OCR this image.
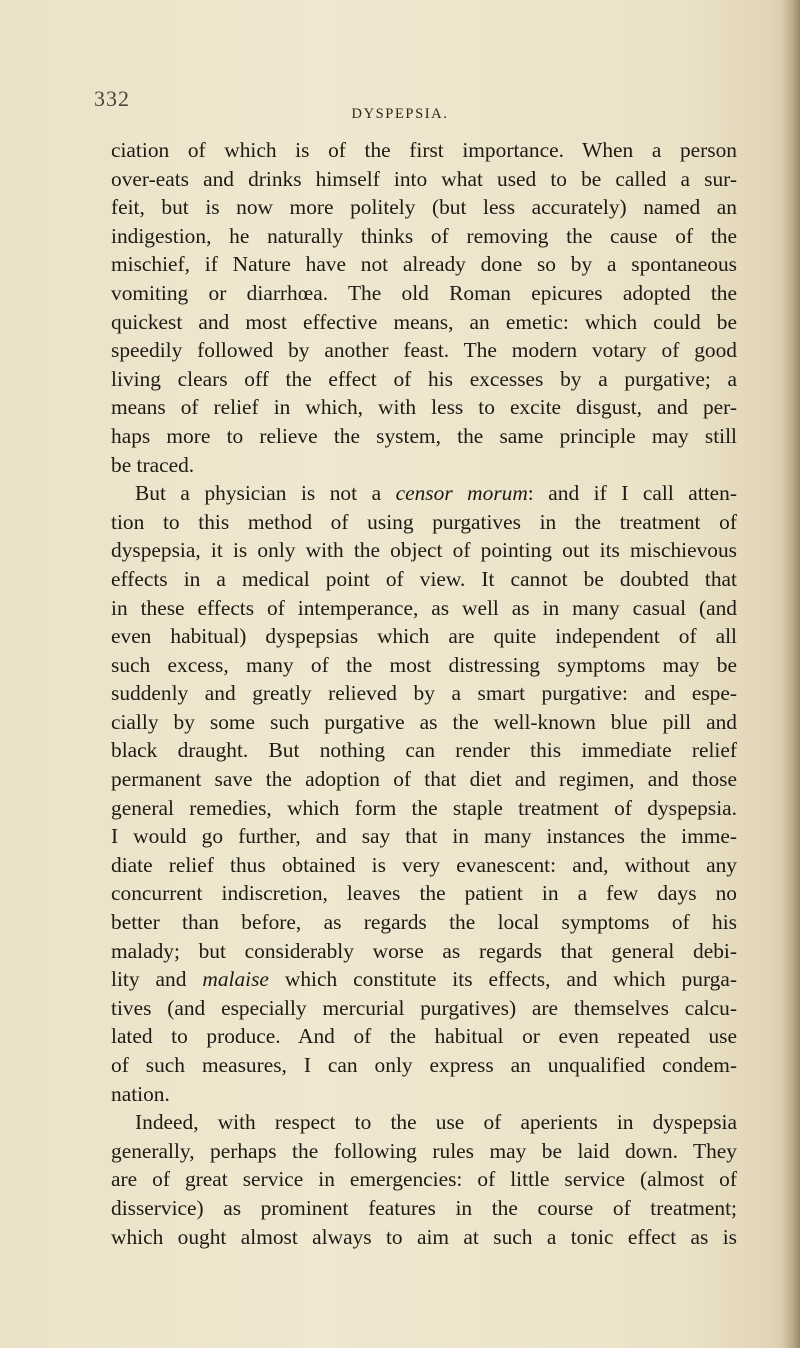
332
DYSPEPSIA.
ciation of which is of the first importance. When a person
over-eats and drinks himself into what used to be called a sur-
feit, but is now more politely (but less accurately) named an
indigestion, he naturally thinks of removing the cause of the
mischief, if Nature have not already done so by a spontaneous
vomiting or diarrhœa. The old Roman epicures adopted the
quickest and most effective means, an emetic: which could be
speedily followed by another feast. The modern votary of good
living clears off the effect of his excesses by a purgative; a
means of relief in which, with less to excite disgust, and per-
haps more to relieve the system, the same principle may still
be traced.
But a physician is not a censor morum: and if I call atten-
tion to this method of using purgatives in the treatment of
dyspepsia, it is only with the object of pointing out its mischievous
effects in a medical point of view. It cannot be doubted that
in these effects of intemperance, as well as in many casual (and
even habitual) dyspepsias which are quite independent of all
such excess, many of the most distressing symptoms may be
suddenly and greatly relieved by a smart purgative: and espe-
cially by some such purgative as the well-known blue pill and
black draught. But nothing can render this immediate relief
permanent save the adoption of that diet and regimen, and those
general remedies, which form the staple treatment of dyspepsia.
I would go further, and say that in many instances the imme-
diate relief thus obtained is very evanescent: and, without any
concurrent indiscretion, leaves the patient in a few days no
better than before, as regards the local symptoms of his
malady; but considerably worse as regards that general debi-
lity and malaise which constitute its effects, and which purga-
tives (and especially mercurial purgatives) are themselves calcu-
lated to produce. And of the habitual or even repeated use
of such measures, I can only express an unqualified condem-
nation.
Indeed, with respect to the use of aperients in dyspepsia
generally, perhaps the following rules may be laid down. They
are of great service in emergencies: of little service (almost of
disservice) as prominent features in the course of treatment;
which ought almost always to aim at such a tonic effect as is
